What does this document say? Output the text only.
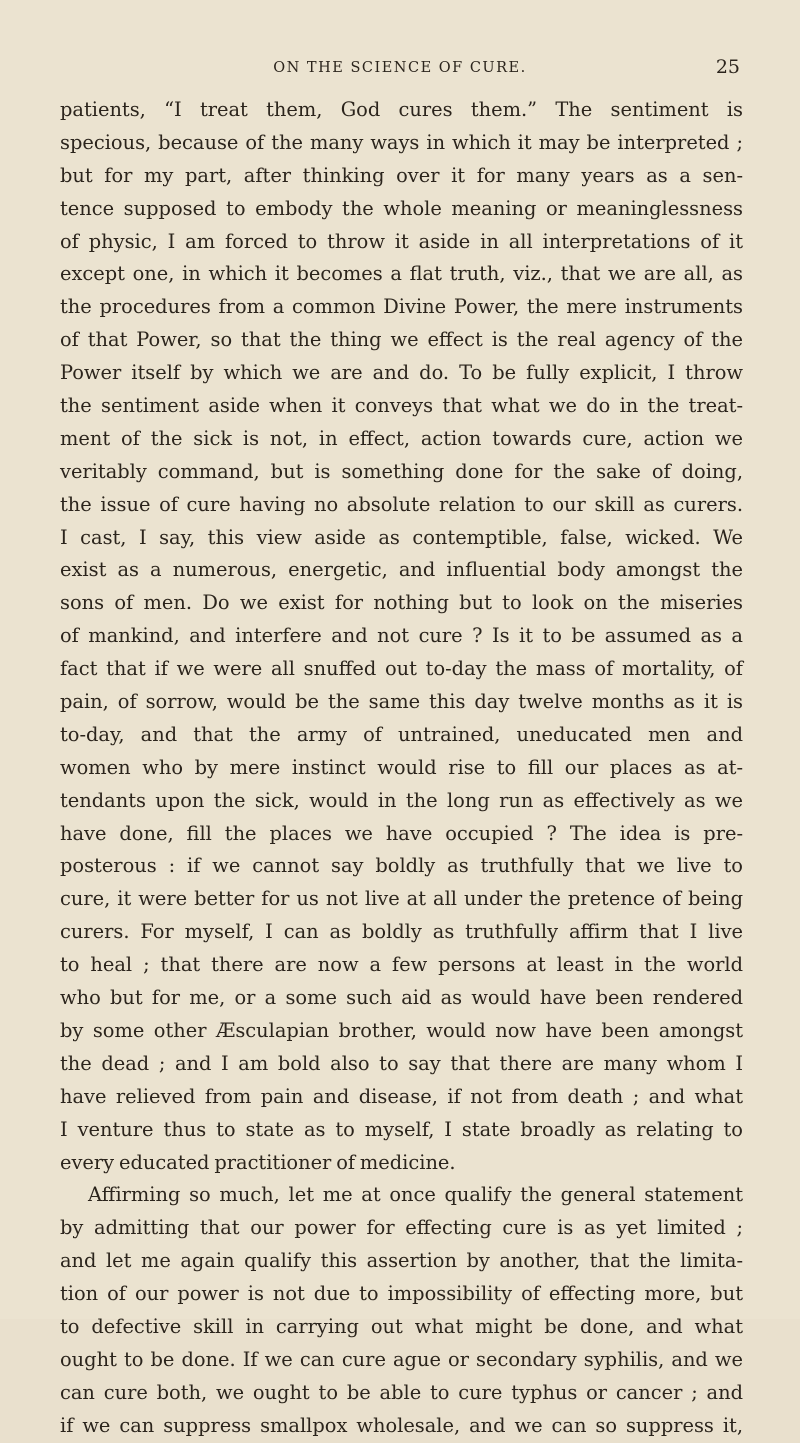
ON THE SCIENCE OF CURE.	25
patients, “I treat them, God cures them.” The sentiment is
specious, because of the many ways in which it may be interpreted ;
but for my part, after thinking over it for many years as a sen-
tence supposed to embody the whole meaning or meaninglessness
of physic, I am forced to throw it aside in all interpretations of it
except one, in which it becomes a flat truth, viz., that we are all, as
the procedures from a common Divine Power, the mere instruments
of that Power, so that the thing we effect is the real agency of the
Power itself by which we are and do. To be fully explicit, I throw
the sentiment aside when it conveys that what we do in the treat-
ment of the sick is not, in effect, action towards cure, action we
veritably command, but is something done for the sake of doing,
the issue of cure having no absolute relation to our skill as curers.
I cast, I say, this view aside as contemptible, false, wicked. We
exist as a numerous, energetic, and influential body amongst the
sons of men. Do we exist for nothing but to look on the miseries
of mankind, and interfere and not cure ? Is it to be assumed as a
fact that if we were all snuffed out to-day the mass of mortality, of
pain, of sorrow, would be the same this day twelve months as it is
to-day, and that the army of untrained, uneducated men and
women who by mere instinct would rise to fill our places as at-
tendants upon the sick, would in the long run as effectively as we
have done, fill the places we have occupied ? The idea is pre-
posterous : if we cannot say boldly as truthfully that we live to
cure, it were better for us not live at all under the pretence of being
curers. For myself, I can as boldly as truthfully affirm that I live
to heal ; that there are now a few persons at least in the world
who but for me, or a some such aid as would have been rendered
by some other Æsculapian brother, would now have been amongst
the dead ; and I am bold also to say that there are many whom I
have relieved from pain and disease, if not from death ; and what
I venture thus to state as to myself, I state broadly as relating to
every educated practitioner of medicine.
Affirming so much, let me at once qualify the general statement
by admitting that our power for effecting cure is as yet limited ;
and let me again qualify this assertion by another, that the limita-
tion of our power is not due to impossibility of effecting more, but
to defective skill in carrying out what might be done, and what
ought to be done. If we can cure ague or secondary syphilis, and we
can cure both, we ought to be able to cure typhus or cancer ; and
if we can suppress smallpox wholesale, and we can so suppress it,
